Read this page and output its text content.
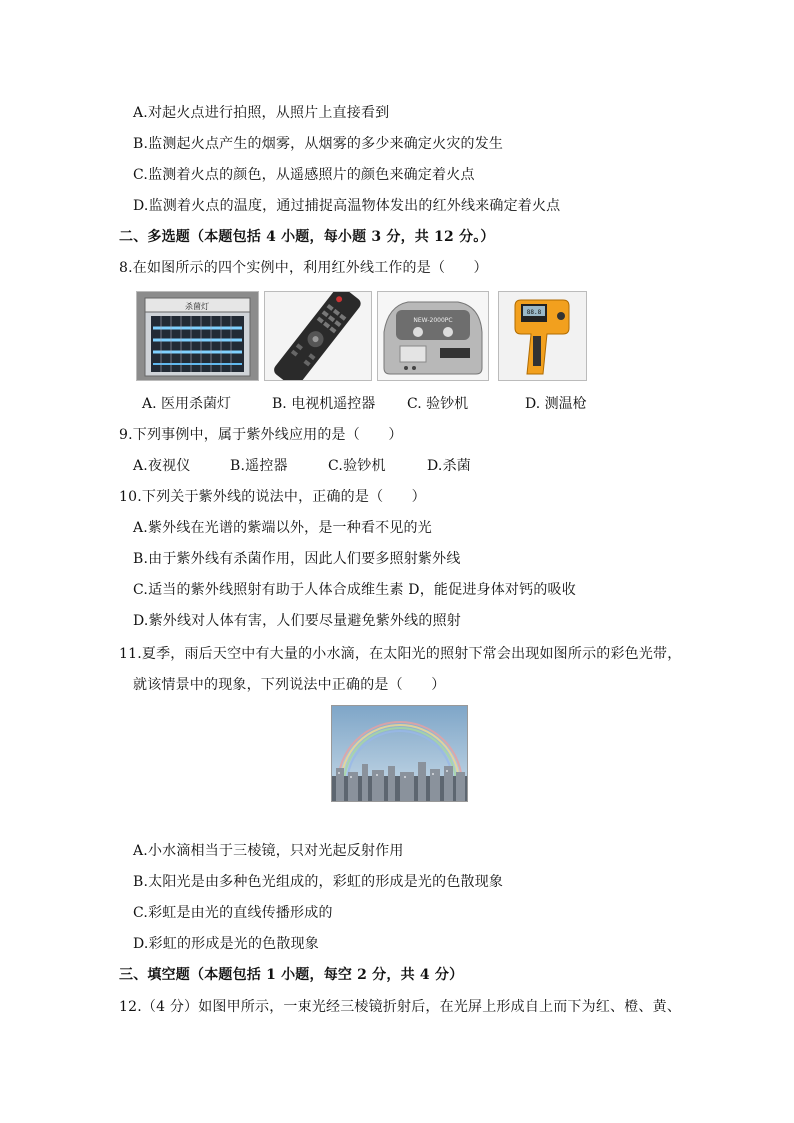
A.对起火点进行拍照，从照片上直接看到
B.监测起火点产生的烟雾，从烟雾的多少来确定火灾的发生
C.监测着火点的颜色，从遥感照片的颜色来确定着火点
D.监测着火点的温度，通过捕捉高温物体发出的红外线来确定着火点
二、多选题（本题包括 4 小题，每小题 3 分，共 12 分。）
8.在如图所示的四个实例中，利用红外线工作的是（　　）
杀菌灯
NEW-2000PC
88.8
A. 医用杀菌灯	B. 电视机遥控器 C. 验钞机	D. 测温枪
9.下列事例中，属于紫外线应用的是（　　）
A.夜视仪	B.遥控器	C.验钞机	D.杀菌
10.下列关于紫外线的说法中，正确的是（　　）
A.紫外线在光谱的紫端以外，是一种看不见的光
B.由于紫外线有杀菌作用，因此人们要多照射紫外线
C.适当的紫外线照射有助于人体合成维生素 D，能促进身体对钙的吸收
D.紫外线对人体有害，人们要尽量避免紫外线的照射
11.夏季，雨后天空中有大量的小水滴，在太阳光的照射下常会出现如图所示的彩色光带，
就该情景中的现象，下列说法中正确的是（　　）
A.小水滴相当于三棱镜，只对光起反射作用
B.太阳光是由多种色光组成的，彩虹的形成是光的色散现象
C.彩虹是由光的直线传播形成的
D.彩虹的形成是光的色散现象
三、填空题（本题包括 1 小题，每空 2 分，共 4 分）
12.（4 分）如图甲所示，一束光经三棱镜折射后，在光屏上形成自上而下为红、橙、黄、
